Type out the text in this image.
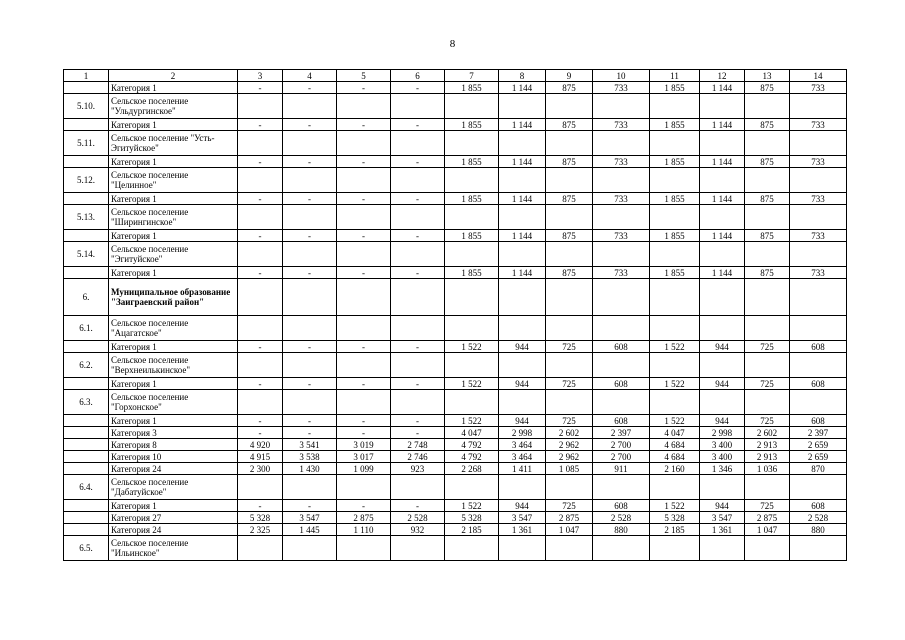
8
1	2	3	4	5	6	7	8	9	10	11	12	13	14
	Категория 1	-	-	-	-	1 855	1 144	875	733	1 855	1 144	875	733
5.10.	Сельское поселение "Ульдургинское"												
	Категория 1	-	-	-	-	1 855	1 144	875	733	1 855	1 144	875	733
5.11.	Сельское поселение "Усть-Эгитуйское"												
	Категория 1	-	-	-	-	1 855	1 144	875	733	1 855	1 144	875	733
5.12.	Сельское поселение "Целинное"												
	Категория 1	-	-	-	-	1 855	1 144	875	733	1 855	1 144	875	733
5.13.	Сельское поселение "Ширингинское"												
	Категория 1	-	-	-	-	1 855	1 144	875	733	1 855	1 144	875	733
5.14.	Сельское поселение "Эгитуйское"												
	Категория 1	-	-	-	-	1 855	1 144	875	733	1 855	1 144	875	733
6.	Муниципальное образование "Заиграевский район"												
6.1.	Сельское поселение "Ацагатское"												
	Категория 1	-	-	-	-	1 522	944	725	608	1 522	944	725	608
6.2.	Сельское поселение "Верхнеилькинское"												
	Категория 1	-	-	-	-	1 522	944	725	608	1 522	944	725	608
6.3.	Сельское поселение "Горхонское"												
	Категория 1	-	-	-	-	1 522	944	725	608	1 522	944	725	608
	Категория 3	-	-	-	-	4 047	2 998	2 602	2 397	4 047	2 998	2 602	2 397
	Категория 8	4 920	3 541	3 019	2 748	4 792	3 464	2 962	2 700	4 684	3 400	2 913	2 659
	Категория 10	4 915	3 538	3 017	2 746	4 792	3 464	2 962	2 700	4 684	3 400	2 913	2 659
	Категория 24	2 300	1 430	1 099	923	2 268	1 411	1 085	911	2 160	1 346	1 036	870
6.4.	Сельское поселение "Дабатуйское"												
	Категория 1	-	-	-	-	1 522	944	725	608	1 522	944	725	608
	Категория 27	5 328	3 547	2 875	2 528	5 328	3 547	2 875	2 528	5 328	3 547	2 875	2 528
	Категория 24	2 325	1 445	1 110	932	2 185	1 361	1 047	880	2 185	1 361	1 047	880
6.5.	Сельское поселение "Ильинское"												
